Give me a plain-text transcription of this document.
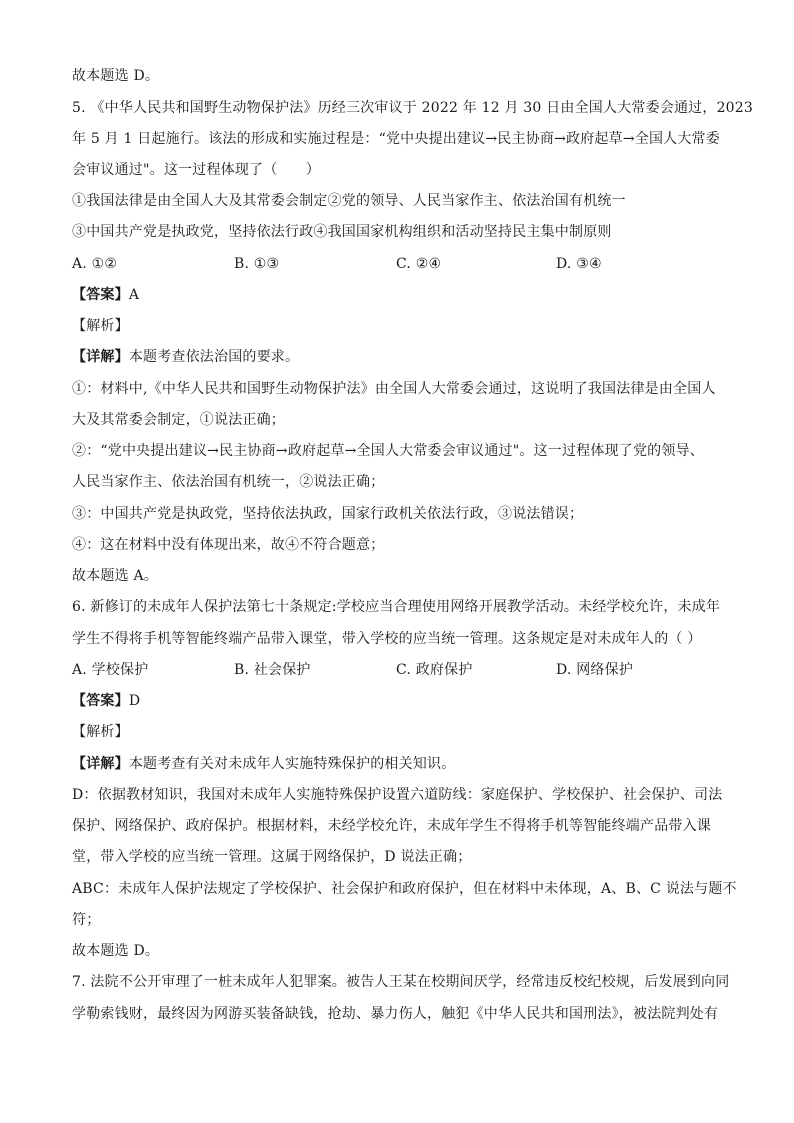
故本题选 D。
5. 《中华人民共和国野生动物保护法》历经三次审议于 2022 年 12 月 30 日由全国人大常委会通过，2023
年 5 月 1 日起施行。该法的形成和实施过程是：“党中央提出建议→民主协商→政府起草→全国人大常委
会审议通过"。这一过程体现了（　　）
①我国法律是由全国人大及其常委会制定②党的领导、人民当家作主、依法治国有机统一
③中国共产党是执政党，坚持依法行政④我国国家机构组织和活动坚持民主集中制原则
A. ①②	B. ①③	C. ②④	D. ③④
【答案】A
【解析】
【详解】本题考查依法治国的要求。
①：材料中,《中华人民共和国野生动物保护法》由全国人大常委会通过，这说明了我国法律是由全国人
大及其常委会制定，①说法正确；
②：“党中央提出建议→民主协商→政府起草→全国人大常委会审议通过"。这一过程体现了党的领导、
人民当家作主、依法治国有机统一，②说法正确；
③：中国共产党是执政党，坚持依法执政，国家行政机关依法行政，③说法错误；
④：这在材料中没有体现出来，故④不符合题意；
故本题选 A。
6. 新修订的未成年人保护法第七十条规定:学校应当合理使用网络开展教学活动。未经学校允许，未成年
学生不得将手机等智能终端产品带入课堂，带入学校的应当统一管理。这条规定是对未成年人的（ ）
A. 学校保护	B. 社会保护	C. 政府保护	D. 网络保护
【答案】D
【解析】
【详解】本题考查有关对未成年人实施特殊保护的相关知识。
D：依据教材知识，我国对未成年人实施特殊保护设置六道防线：家庭保护、学校保护、社会保护、司法
保护、网络保护、政府保护。根据材料，未经学校允许，未成年学生不得将手机等智能终端产品带入课
堂，带入学校的应当统一管理。这属于网络保护，D 说法正确；
ABC：未成年人保护法规定了学校保护、社会保护和政府保护，但在材料中未体现，A、B、C 说法与题不
符；
故本题选 D。
7. 法院不公开审理了一桩未成年人犯罪案。被告人王某在校期间厌学，经常违反校纪校规，后发展到向同
学勒索钱财，最终因为网游买装备缺钱，抢劫、暴力伤人，触犯《中华人民共和国刑法》，被法院判处有
